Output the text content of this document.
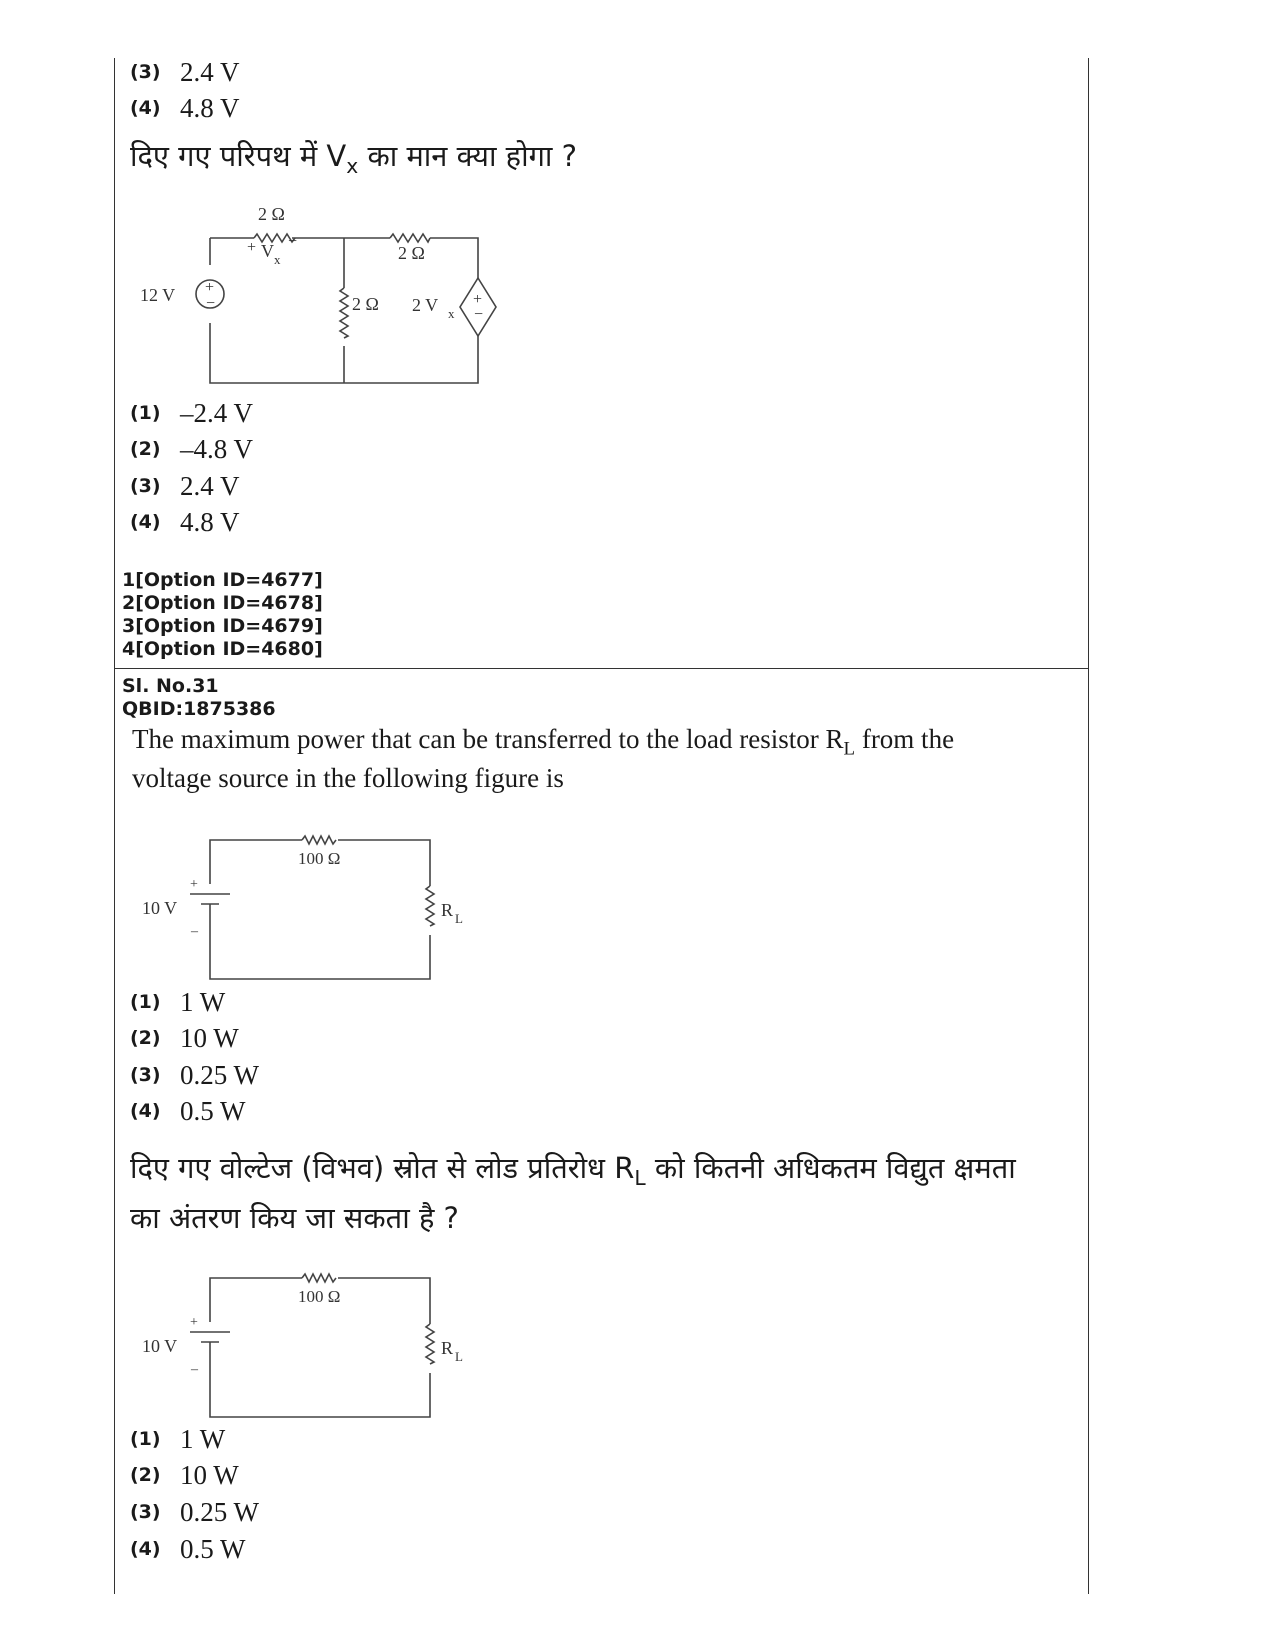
(3) 2.4 V
(4) 4.8 V
दिए गए परिपथ में $V_x$ का मान क्या होगा ?
2 Ω
2 Ω
2 Ω
+ V x
−
12 V +
−	2 V x
+
−
(1) –2.4 V
(2) –4.8 V
(3) 2.4 V
(4) 4.8 V
1[Option ID=4677]
2[Option ID=4678]
3[Option ID=4679]
4[Option ID=4680]
Sl. No.31
QBID:1875386
The maximum power that can be transferred to the load resistor $R_L$ from the
voltage source in the following figure is
100 Ω
10 V
+
–
R L
(1) 1 W
(2) 10 W
(3) 0.25 W
(4) 0.5 W
दिए गए वोल्टेज (विभव) स्रोत से लोड प्रतिरोध $R_L$ को कितनी अधिकतम विद्युत क्षमता
का अंतरण किय जा सकता है ?
100 Ω
10 V
+
–
R L
(1) 1 W
(2) 10 W
(3) 0.25 W
(4) 0.5 W
